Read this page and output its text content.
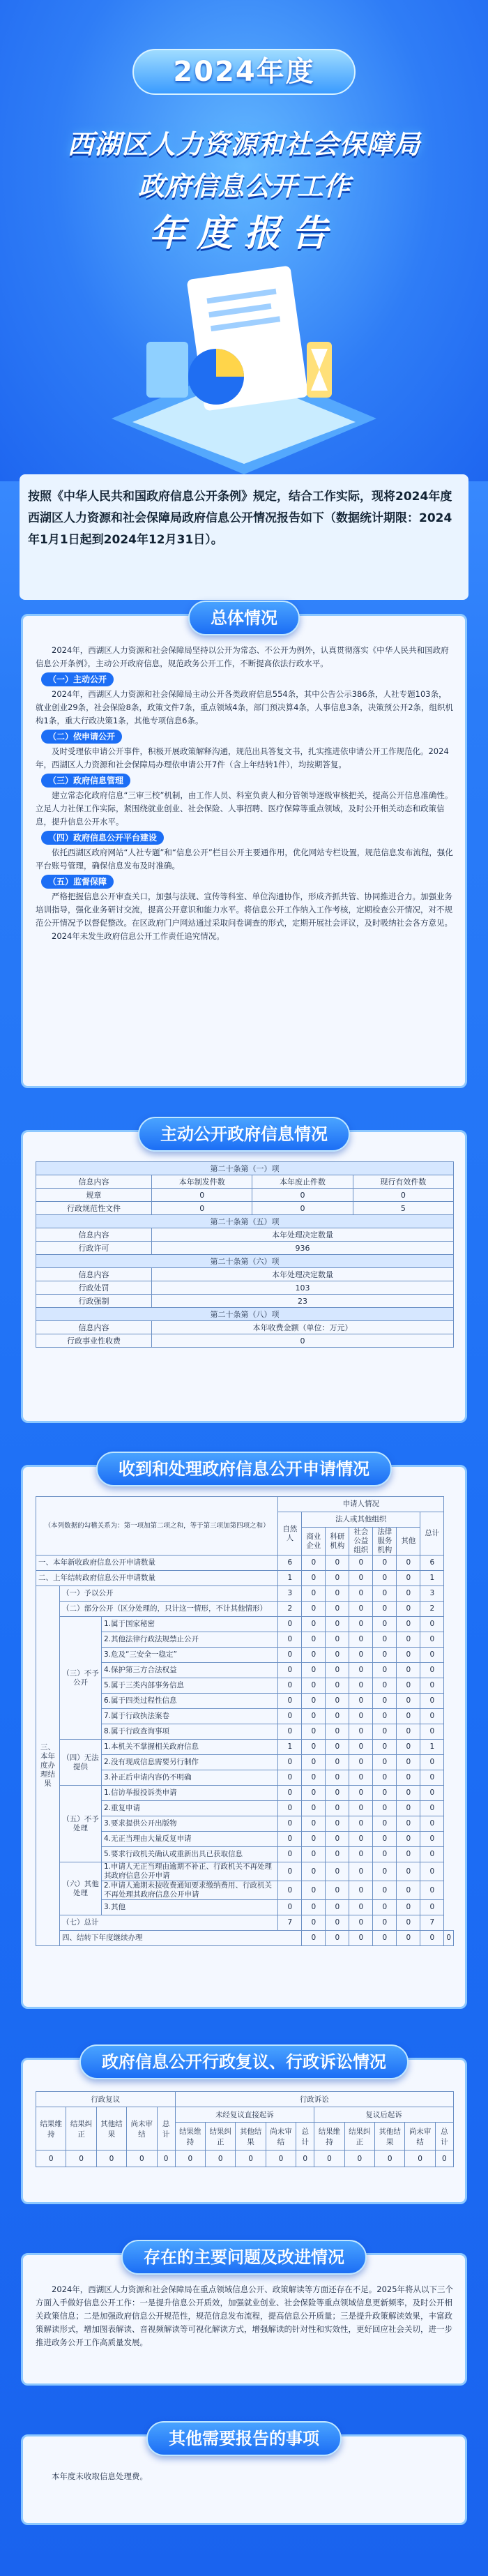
2024年度
西湖区人力资源和社会保障局
政府信息公开工作
年度报告
按照《中华人民共和国政府信息公开条例》规定，结合工作实际，现将2024年度西湖区人力资源和社会保障局政府信息公开情况报告如下（数据统计期限：2024年1月1日起到2024年12月31日）。
总体情况

2024年，西湖区人力资源和社会保障局坚持以公开为常态、不公开为例外，认真贯彻落实《中华人民共和国政府信息公开条例》，主动公开政府信息，规范政务公开工作，不断提高依法行政水平。

（一）主动公开

2024年，西湖区人力资源和社会保障局主动公开各类政府信息554条，其中公告公示386条，人社专题103条，就业创业29条，社会保险8条，政策文件7条，重点领域4条，部门预决算4条，人事信息3条，决策预公开2条，组织机构1条，重大行政决策1条，其他专项信息6条。

（二）依申请公开

及时受理依申请公开事件，积极开展政策解释沟通，规范出具答复文书，扎实推进依申请公开工作规范化。2024年，西湖区人力资源和社会保障局办理依申请公开7件（含上年结转1件），均按期答复。

（三）政府信息管理

建立常态化政府信息“三审三校”机制，由工作人员、科室负责人和分管领导逐级审核把关，提高公开信息准确性。立足人力社保工作实际，紧围绕就业创业、社会保险、人事招聘、医疗保障等重点领域，及时公开相关动态和政策信息，提升信息公开水平。

（四）政府信息公开平台建设

依托西湖区政府网站“人社专题”和“信息公开”栏目公开主要通作用，优化网站专栏设置，规范信息发布流程，强化平台账号管理，确保信息发布及时准确。

（五）监督保障

严格把握信息公开审查关口，加强与法规、宣传等科室、单位沟通协作，形成齐抓共管、协同推进合力。加强业务培训指导，强化业务研讨交流，提高公开意识和能力水平。将信息公开工作纳入工作考核，定期检查公开情况，对不规范公开情况予以督促整改。在区政府门户网站通过采取问卷调查的形式，定期开展社会评议，及时吸纳社会各方意见。

2024年未发生政府信息公开工作责任追究情况。

主动公开政府信息情况
第二十条第（一）项			
信息内容	本年制发件数	本年废止件数	现行有效件数
规章	0	0	0
行政规范性文件	0	0	5
第二十条第（五）项			
信息内容	本年处理决定数量		
行政许可	936		
第二十条第（六）项			
信息内容	本年处理决定数量		
行政处罚	103		
行政强制	23		
第二十条第（八）项			
信息内容	本年收费金额（单位：万元）		
行政事业性收费	0		
收到和处理政府信息公开申请情况
（本列数据的勾稽关系为：第一项加第二项之和，等于第三项加第四项之和）			申请人情况							
			自然人	法人或其他组织					总计	
				商业企业	科研机构	社会公益组织	法律服务机构	其他		
一、本年新收政府信息公开申请数量			6	0	0	0	0	0	6	
二、上年结转政府信息公开申请数量			1	0	0	0	0	0	1	
三、本年度办理结果	（一）予以公开		3	0	0	0	0	0	3	
	（二）部分公开（区分处理的，只计这一情形，不计其他情形）		2	0	0	0	0	0	2	
	（三）不予公开	1.属于国家秘密	0	0	0	0	0	0	0	
		2.其他法律行政法规禁止公开	0	0	0	0	0	0	0	
		3.危及“三安全一稳定”	0	0	0	0	0	0	0	
		4.保护第三方合法权益	0	0	0	0	0	0	0	
		5.属于三类内部事务信息	0	0	0	0	0	0	0	
		6.属于四类过程性信息	0	0	0	0	0	0	0	
		7.属于行政执法案卷	0	0	0	0	0	0	0	
		8.属于行政查询事项	0	0	0	0	0	0	0	
	（四）无法提供	1.本机关不掌握相关政府信息	1	0	0	0	0	0	1	
		2.没有现成信息需要另行制作	0	0	0	0	0	0	0	
		3.补正后申请内容仍不明确	0	0	0	0	0	0	0	
	（五）不予处理	1.信访举报投诉类申请	0	0	0	0	0	0	0	
		2.重复申请	0	0	0	0	0	0	0	
		3.要求提供公开出版物	0	0	0	0	0	0	0	
		4.无正当理由大量反复申请	0	0	0	0	0	0	0	
		5.要求行政机关确认或重新出具已获取信息	0	0	0	0	0	0	0	
	（六）其他处理	1.申请人无正当理由逾期不补正、行政机关不再处理其政府信息公开申请	0	0	0	0	0	0	0	
		2.申请人逾期未按收费通知要求缴纳费用、行政机关不再处理其政府信息公开申请	0	0	0	0	0	0	0	
		3.其他	0	0	0	0	0	0	0	
	（七）总计		7	0	0	0	0	0	7	
	四、结转下年度继续办理			0	0	0	0	0	0	0
政府信息公开行政复议、行政诉讼情况
行政复议					行政诉讼									
结果维持	结果纠正	其他结果	尚未审结	总计	未经复议直接起诉					复议后起诉				
					结果维持	结果纠正	其他结果	尚未审结	总计	结果维持	结果纠正	其他结果	尚未审结	总计
0	0	0	0	0	0	0	0	0	0	0	0	0	0	0
存在的主要问题及改进情况

2024年，西湖区人力资源和社会保障局在重点领域信息公开、政策解读等方面还存在不足。2025年将从以下三个方面入手做好信息公开工作：一是提升信息公开质效，加强就业创业、社会保险等重点领域信息更新频率，及时公开相关政策信息；二是加强政府信息公开规范性，规范信息发布流程，提高信息公开质量；三是提升政策解读效果，丰富政策解读形式，增加图表解读、音视频解读等可视化解读方式，增强解读的针对性和实效性，更好回应社会关切，进一步推进政务公开工作高质量发展。

其他需要报告的事项

本年度未收取信息处理费。
